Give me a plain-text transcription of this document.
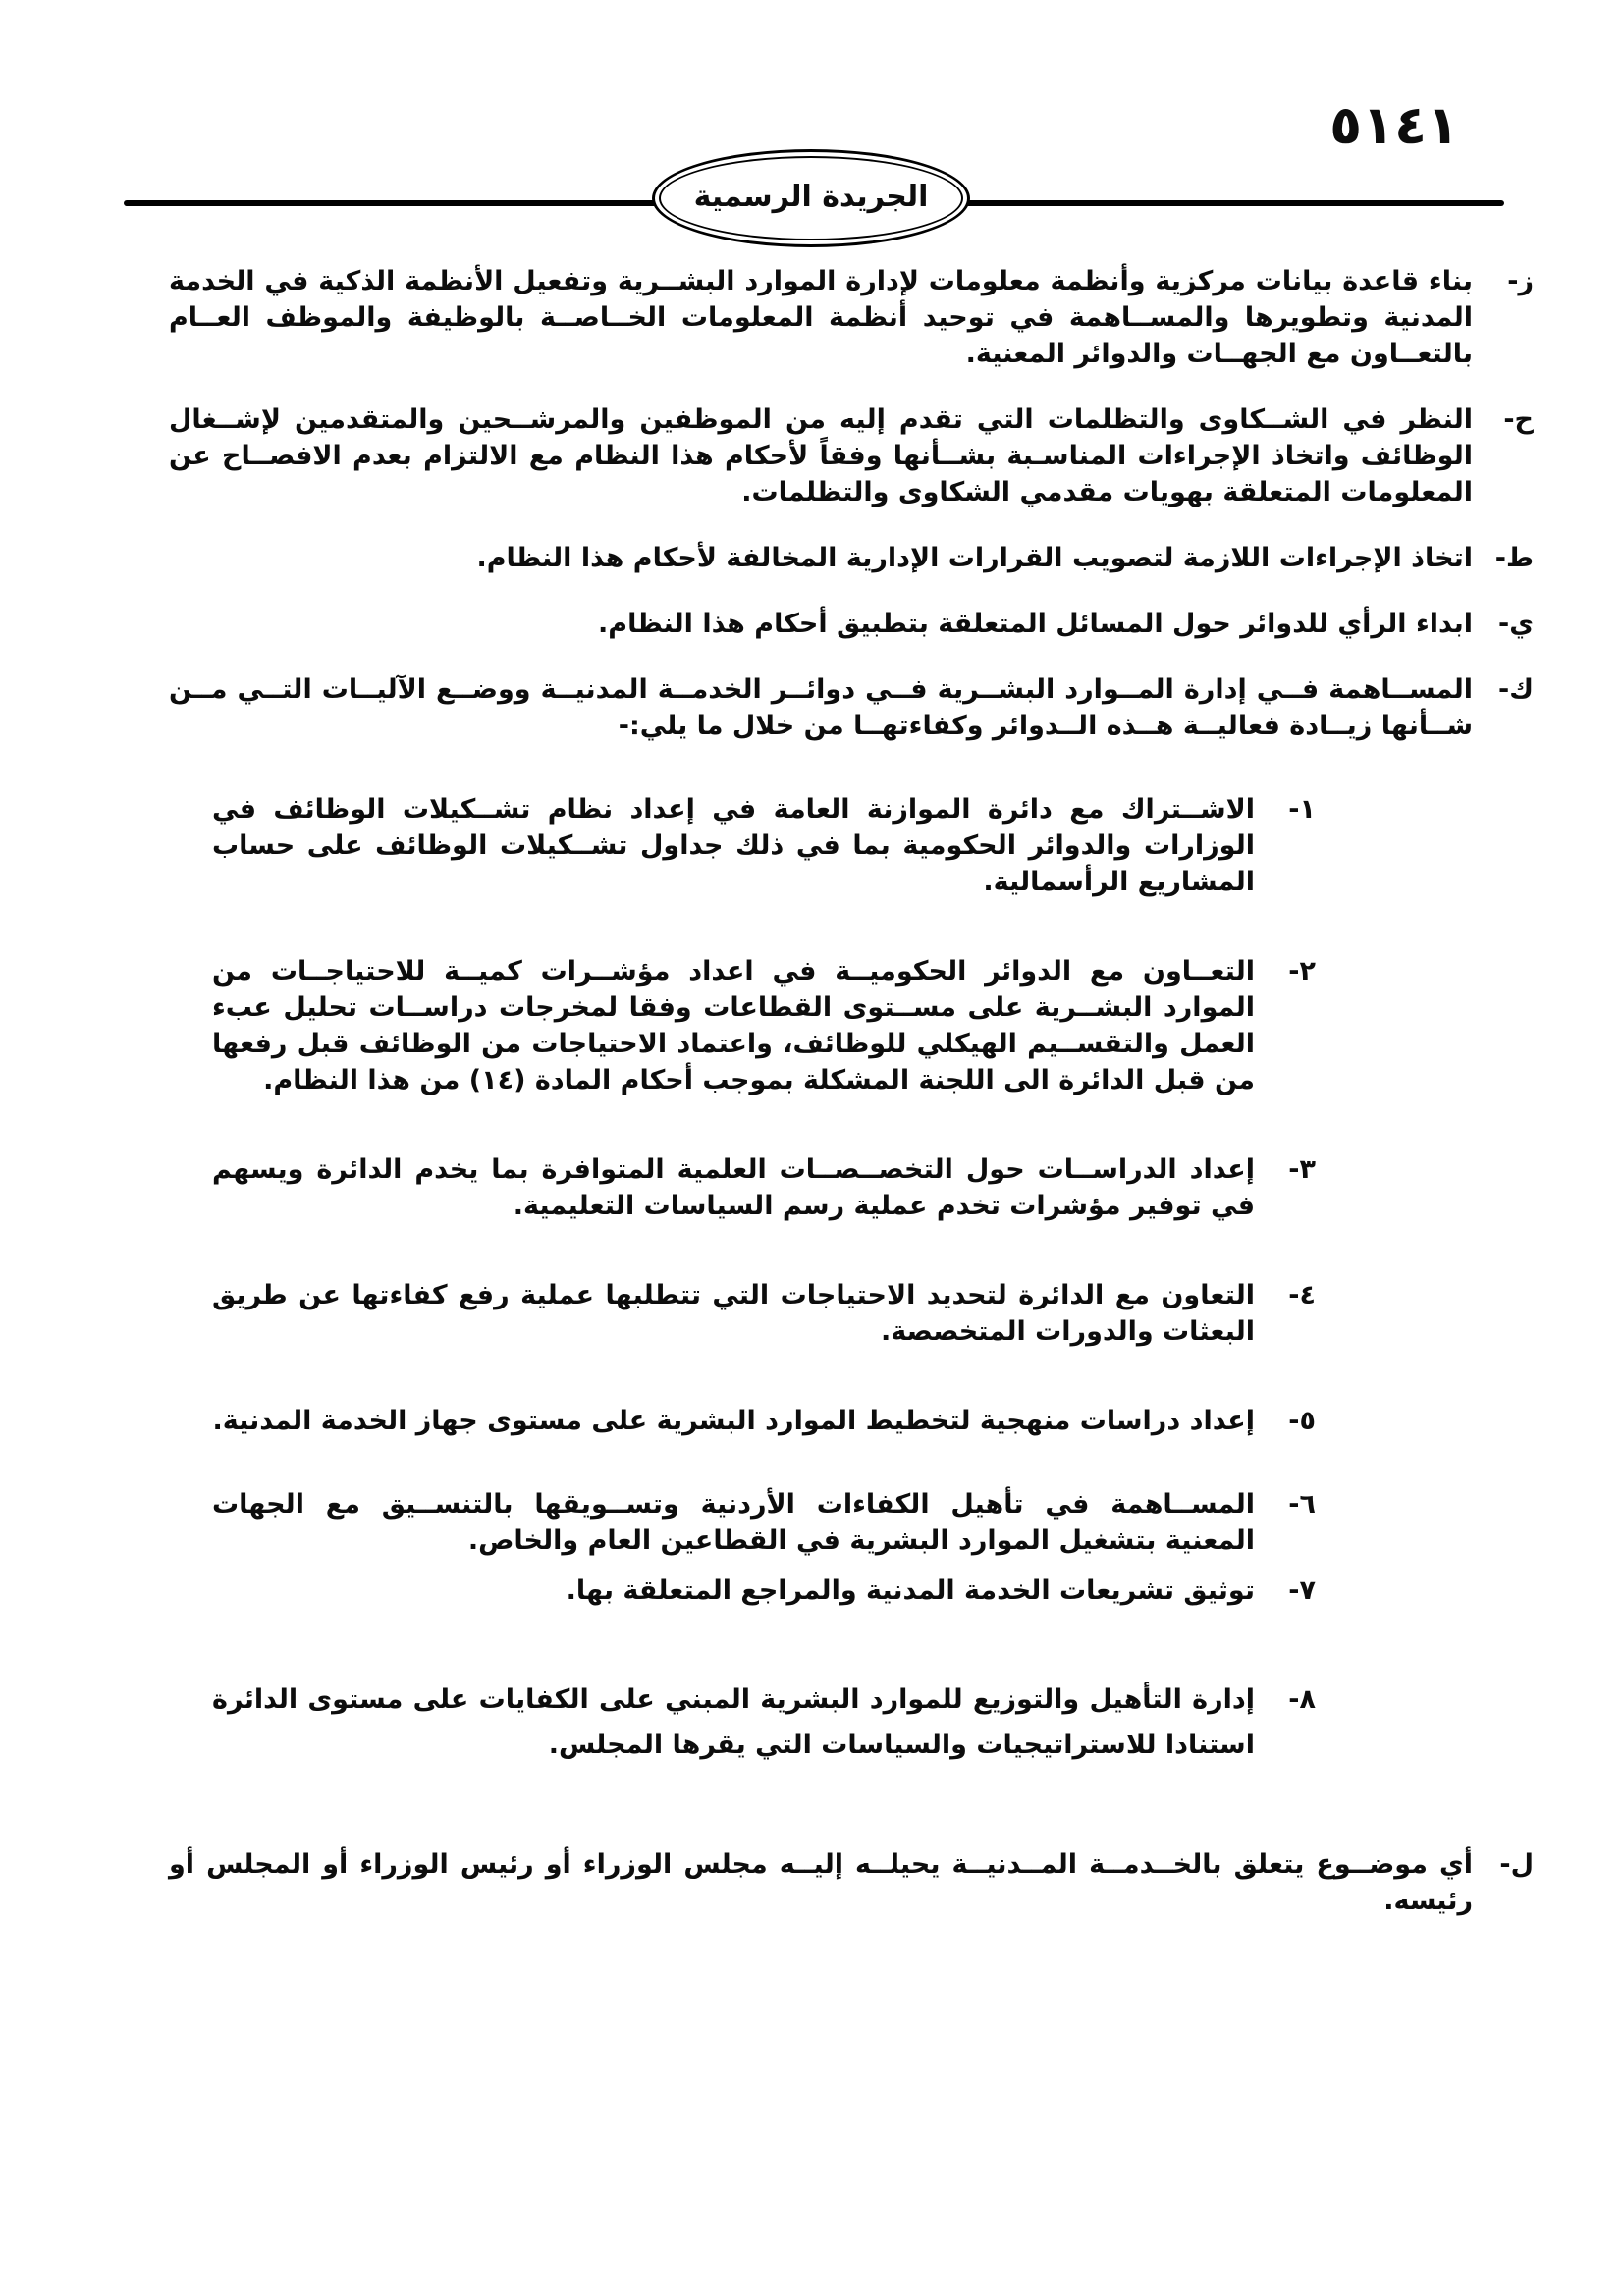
٥١٤١
الجريدة الرسمية
ز-
بناء قاعدة بيانات مركزية وأنظمة معلومات لإدارة الموارد البشــرية وتفعيل الأنظمة الذكية في الخدمة المدنية وتطويرها والمســاهمة في توحيد أنظمة المعلومات الخــاصــة بالوظيفة والموظف العــام بالتعــاون مع الجهــات والدوائر المعنية.
ح-
النظر في الشــكاوى والتظلمات التي تقدم إليه من الموظفين والمرشــحين والمتقدمين لإشــغال الوظائف واتخاذ الإجراءات المناسـبة بشــأنها وفقاً لأحكام هذا النظام مع الالتزام بعدم الافصــاح عن المعلومات المتعلقة بهويات مقدمي الشكاوى والتظلمات.
ط-
اتخاذ الإجراءات اللازمة لتصويب القرارات الإدارية المخالفة لأحكام هذا النظام.
ي-
ابداء الرأي للدوائر حول المسائل المتعلقة بتطبيق أحكام هذا النظام.
ك-
المســاهمة فــي إدارة المــوارد البشــرية فــي دوائــر الخدمــة المدنيــة ووضــع الآليــات التــي مــن شــأنها زيــادة فعاليــة هــذه الــدوائر وكفاءتهــا من خلال ما يلي:-
١-
الاشــتراك مع دائرة الموازنة العامة في إعداد نظام تشــكيلات الوظائف في الوزارات والدوائر الحكومية بما في ذلك جداول تشــكيلات الوظائف على حساب المشاريع الرأسمالية.
٢-
التعــاون مع الدوائر الحكوميــة في اعداد مؤشــرات كميــة للاحتياجــات من الموارد البشــرية على مســتوى القطاعات وفقا لمخرجات دراســات تحليل عبء العمل والتقســيم الهيكلي للوظائف، واعتماد الاحتياجات من الوظائف قبل رفعها من قبل الدائرة الى اللجنة المشكلة بموجب أحكام المادة (١٤) من هذا النظام.
٣-
إعداد الدراســات حول التخصــصــات العلمية المتوافرة بما يخدم الدائرة ويسهم في توفير مؤشرات تخدم عملية رسم السياسات التعليمية.
٤-
التعاون مع الدائرة لتحديد الاحتياجات التي تتطلبها عملية رفع كفاءتها عن طريق البعثات والدورات المتخصصة.
٥-
إعداد دراسات منهجية لتخطيط الموارد البشرية على مستوى جهاز الخدمة المدنية.
٦-
المســاهمة في تأهيل الكفاءات الأردنية وتســويقها بالتنســيق مع الجهات المعنية بتشغيل الموارد البشرية في القطاعين العام والخاص.
٧-
توثيق تشريعات الخدمة المدنية والمراجع المتعلقة بها.
٨-
إدارة التأهيل والتوزيع للموارد البشرية المبني على الكفايات على مستوى الدائرة استنادا للاستراتيجيات والسياسات التي يقرها المجلس.
ل-
أي موضــوع يتعلق بالخــدمــة المــدنيــة يحيلــه إليــه مجلس الوزراء أو رئيس الوزراء أو المجلس أو رئيسه.
